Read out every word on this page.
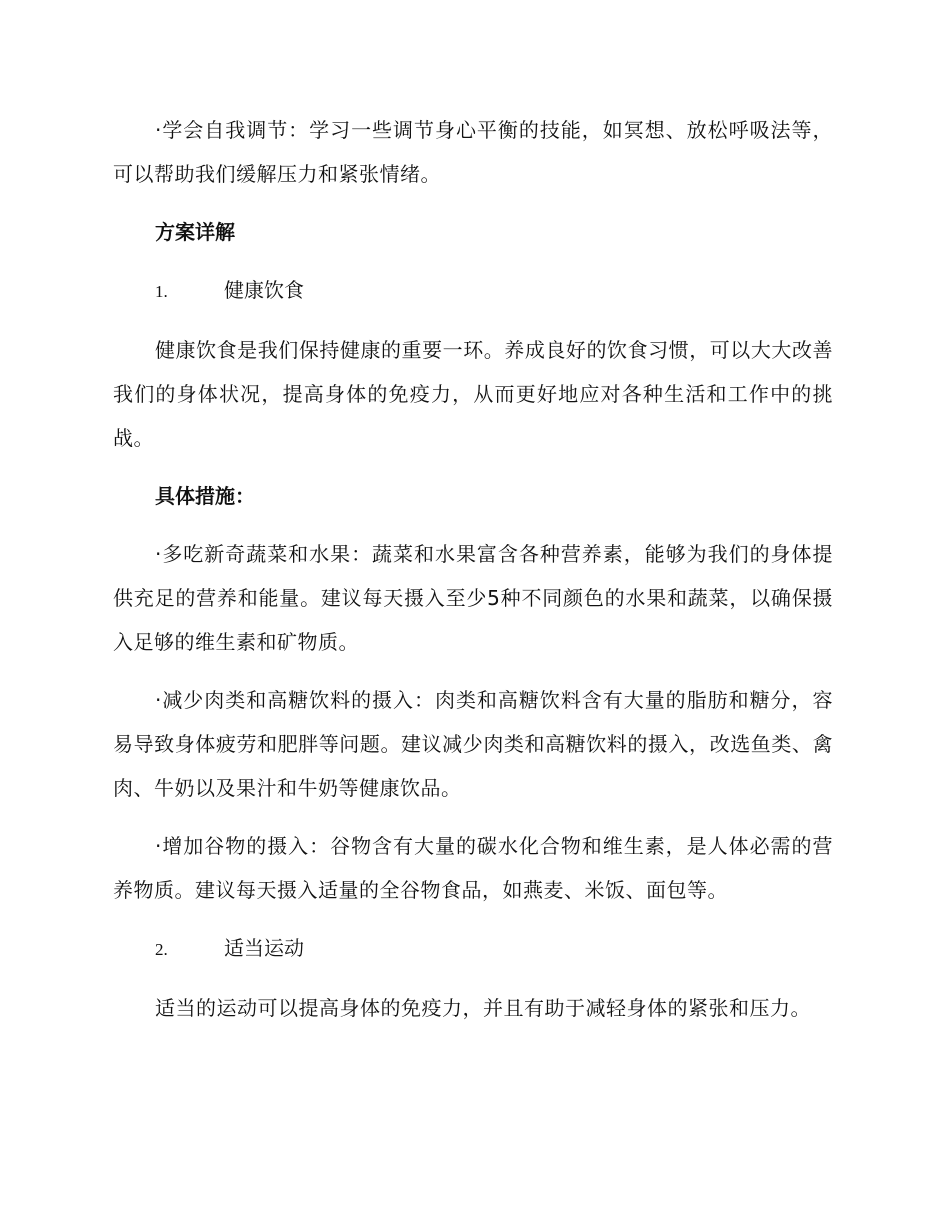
·学会自我调节：学习一些调节身心平衡的技能，如冥想、放松呼吸法等，可以帮助我们缓解压力和紧张情绪。

方案详解
1.	健康饮食

健康饮食是我们保持健康的重要一环。养成良好的饮食习惯，可以大大改善我们的身体状况，提高身体的免疫力，从而更好地应对各种生活和工作中的挑战。

具体措施：

·多吃新奇蔬菜和水果：蔬菜和水果富含各种营养素，能够为我们的身体提供充足的营养和能量。建议每天摄入至少5种不同颜色的水果和蔬菜，以确保摄入足够的维生素和矿物质。

·减少肉类和高糖饮料的摄入：肉类和高糖饮料含有大量的脂肪和糖分，容易导致身体疲劳和肥胖等问题。建议减少肉类和高糖饮料的摄入，改选鱼类、禽肉、牛奶以及果汁和牛奶等健康饮品。

·增加谷物的摄入：谷物含有大量的碳水化合物和维生素，是人体必需的营养物质。建议每天摄入适量的全谷物食品，如燕麦、米饭、面包等。

2.	适当运动

适当的运动可以提高身体的免疫力，并且有助于减轻身体的紧张和压力。
